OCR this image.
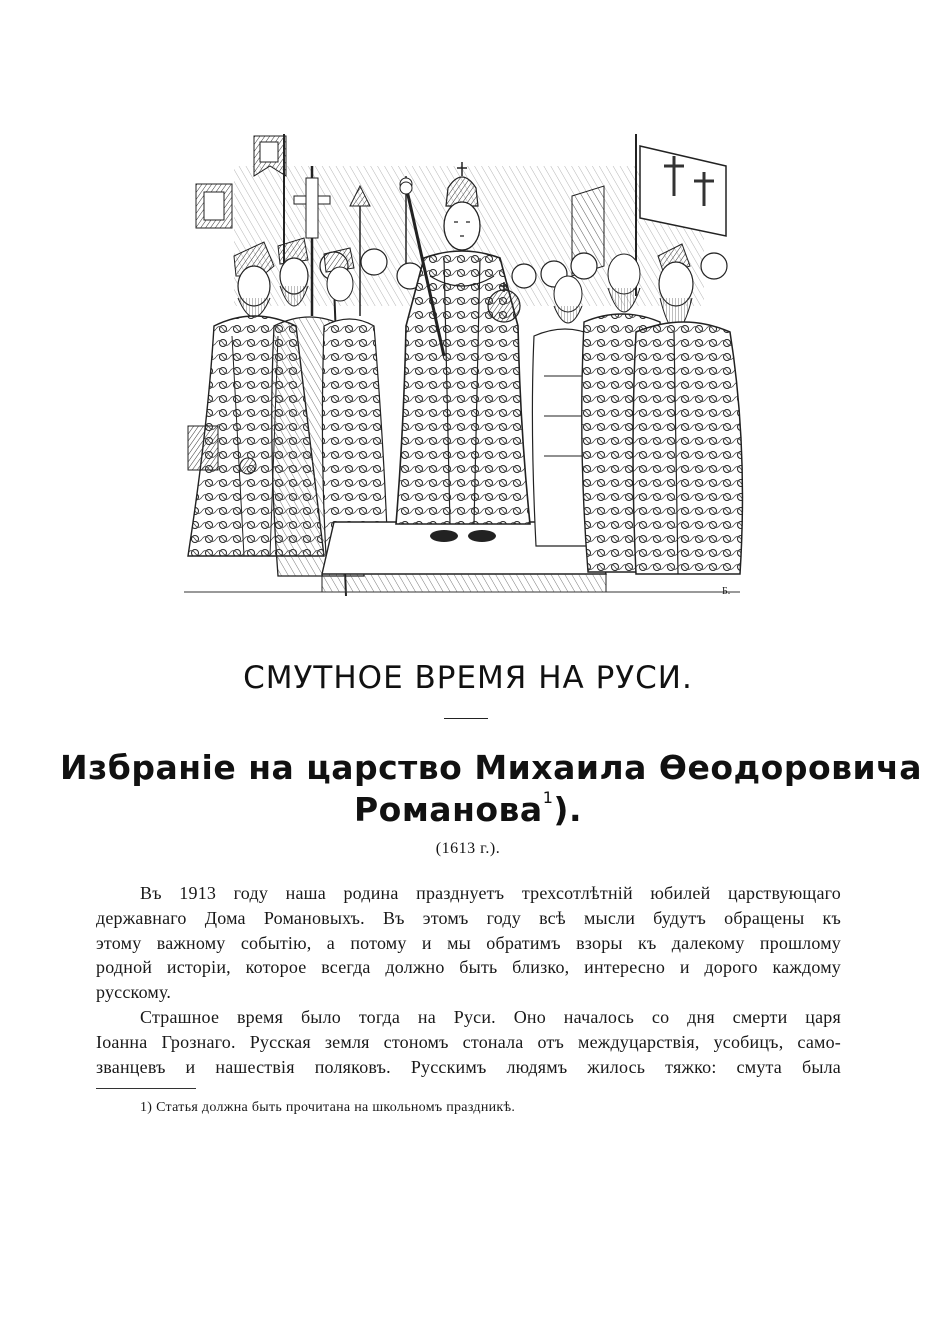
Б.
СМУТНОЕ ВРЕМЯ НА РУСИ.
Избраніе на царство Михаила Өеодоровича
Романова$^1$).
(1613 г.).
Въ 1913 году наша родина празднуетъ трехсотлѣтній юбилей царствующаго
державнаго Дома Романовыхъ. Въ этомъ году всѣ мысли будутъ обращены къ
этому важному событію, а потому и мы обратимъ взоры къ далекому прошлому
родной исторіи, которое всегда должно быть близко, интересно и дорого каждому
русскому.
Страшное время было тогда на Руси. Оно началось со дня смерти царя
Іоанна Грознаго. Русская земля стономъ стонала отъ междуцарствія, усобицъ, само-
званцевъ и нашествія поляковъ. Русскимъ людямъ жилось тяжко: смута была
1) Статья должна быть прочитана на школьномъ праздникѣ.
